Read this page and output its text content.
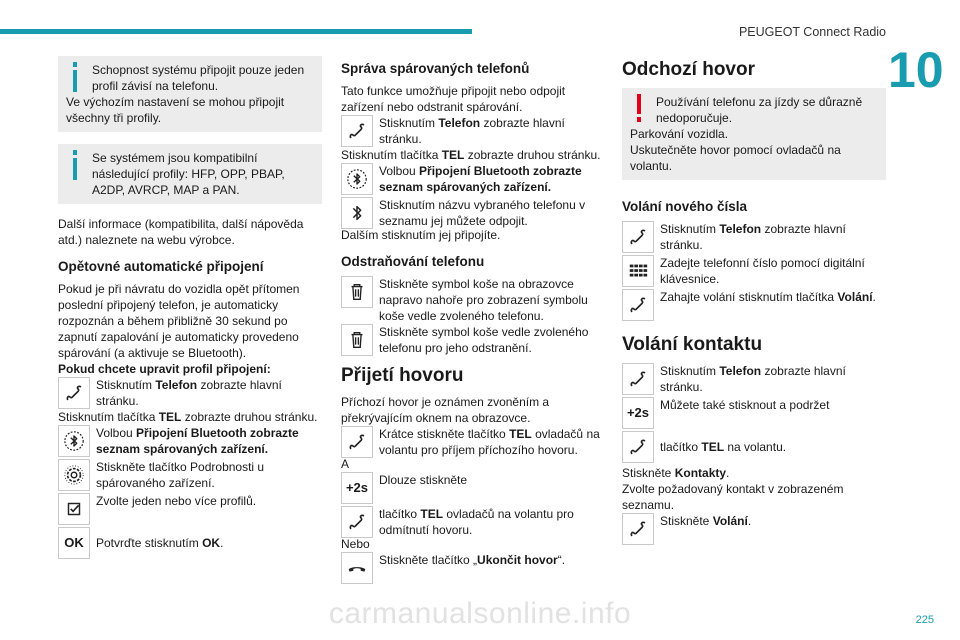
PEUGEOT Connect Radio
10

Schopnost systému připojit pouze jeden profil závisí na telefonu.

Ve výchozím nastavení se mohou připojit všechny tři profily.

Se systémem jsou kompatibilní následující profily: HFP, OPP, PBAP, A2DP, AVRCP, MAP a PAN.

Další informace (kompatibilita, další nápověda atd.) naleznete na webu výrobce.

Opětovné automatické připojení

Pokud je při návratu do vozidla opět přítomen poslední připojený telefon, je automaticky rozpoznán a během přibližně 30 sekund po zapnutí zapalování je automaticky provedeno spárování (a aktivuje se Bluetooth).

Pokud chcete upravit profil připojení:

Stisknutím Telefon zobrazte hlavní stránku.

Stisknutím tlačítka TEL zobrazte druhou stránku.

Volbou Připojení Bluetooth zobrazte seznam spárovaných zařízení.

Stiskněte tlačítko Podrobnosti u spárovaného zařízení.

Zvolte jeden nebo více profilů.

OK Potvrďte stisknutím OK.

Správa spárovaných telefonů

Tato funkce umožňuje připojit nebo odpojit zařízení nebo odstranit spárování.

Stisknutím Telefon zobrazte hlavní stránku.

Stisknutím tlačítka TEL zobrazte druhou stránku.

Volbou Připojení Bluetooth zobrazte seznam spárovaných zařízení.

Stisknutím názvu vybraného telefonu v seznamu jej můžete odpojit.

Dalším stisknutím jej připojíte.

Odstraňování telefonu

Stiskněte symbol koše na obrazovce napravo nahoře pro zobrazení symbolu koše vedle zvoleného telefonu.

Stiskněte symbol koše vedle zvoleného telefonu pro jeho odstranění.

Přijetí hovoru

Příchozí hovor je oznámen zvoněním a překrývajícím oknem na obrazovce.

Krátce stiskněte tlačítko TEL ovladačů na volantu pro příjem příchozího hovoru.

A

+2s Dlouze stiskněte

tlačítko TEL ovladačů na volantu pro odmítnutí hovoru.

Nebo

Stiskněte tlačítko „Ukončit hovor“.

Odchozí hovor

Používání telefonu za jízdy se důrazně nedoporučuje.

Parkování vozidla.

Uskutečněte hovor pomocí ovladačů na volantu.

Volání nového čísla

Stisknutím Telefon zobrazte hlavní stránku.

Zadejte telefonní číslo pomocí digitální klávesnice.

Zahajte volání stisknutím tlačítka Volání.

Volání kontaktu

Stisknutím Telefon zobrazte hlavní stránku.

+2s Můžete také stisknout a podržet

tlačítko TEL na volantu.

Stiskněte Kontakty.

Zvolte požadovaný kontakt v zobrazeném seznamu.

Stiskněte Volání.

carmanualsonline.info	225
